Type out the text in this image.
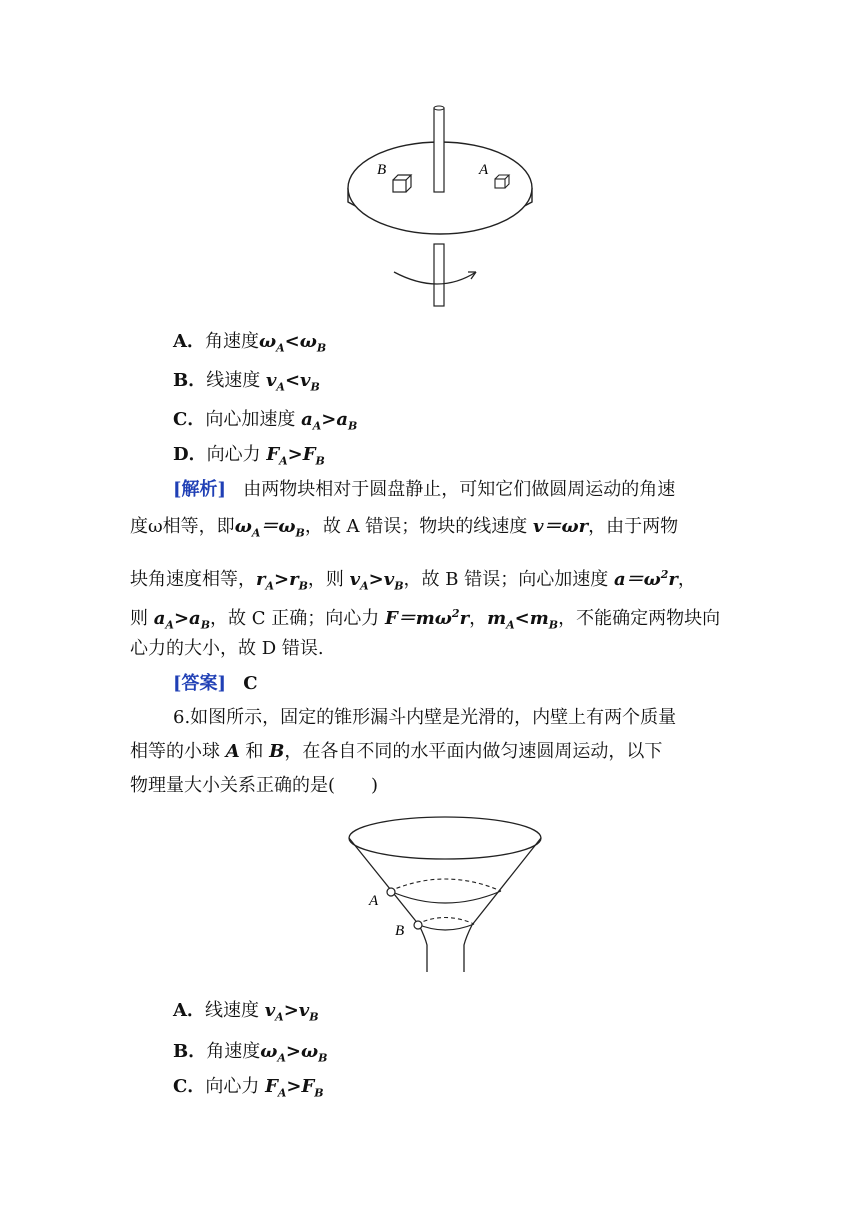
B	A
A．角速度$\omega_A<\omega_B$
B．线速度 $v_A<v_B$
C．向心加速度 $a_A>a_B$
D．向心力 $F_A>F_B$
[解析] 由两物块相对于圆盘静止，可知它们做圆周运动的角速
度ω相等，即$\omega_A=\omega_B$，故 A 错误；物块的线速度 v＝ωr，由于两物
块角速度相等，$r_A>r_B$，则 $v_A>v_B$，故 B 错误；向心加速度 $a=\omega^2r$，
则 $a_A>a_B$，故 C 正确；向心力 $F=m\omega^2r$，$m_A<m_B$，不能确定两物块向
心力的大小，故 D 错误.
[答案] C
6.如图所示，固定的锥形漏斗内壁是光滑的，内壁上有两个质量
相等的小球 A 和 B，在各自不同的水平面内做匀速圆周运动，以下
物理量大小关系正确的是(　　)
A
B
A．线速度 $v_A>v_B$
B．角速度$\omega_A>\omega_B$
C．向心力 $F_A>F_B$
